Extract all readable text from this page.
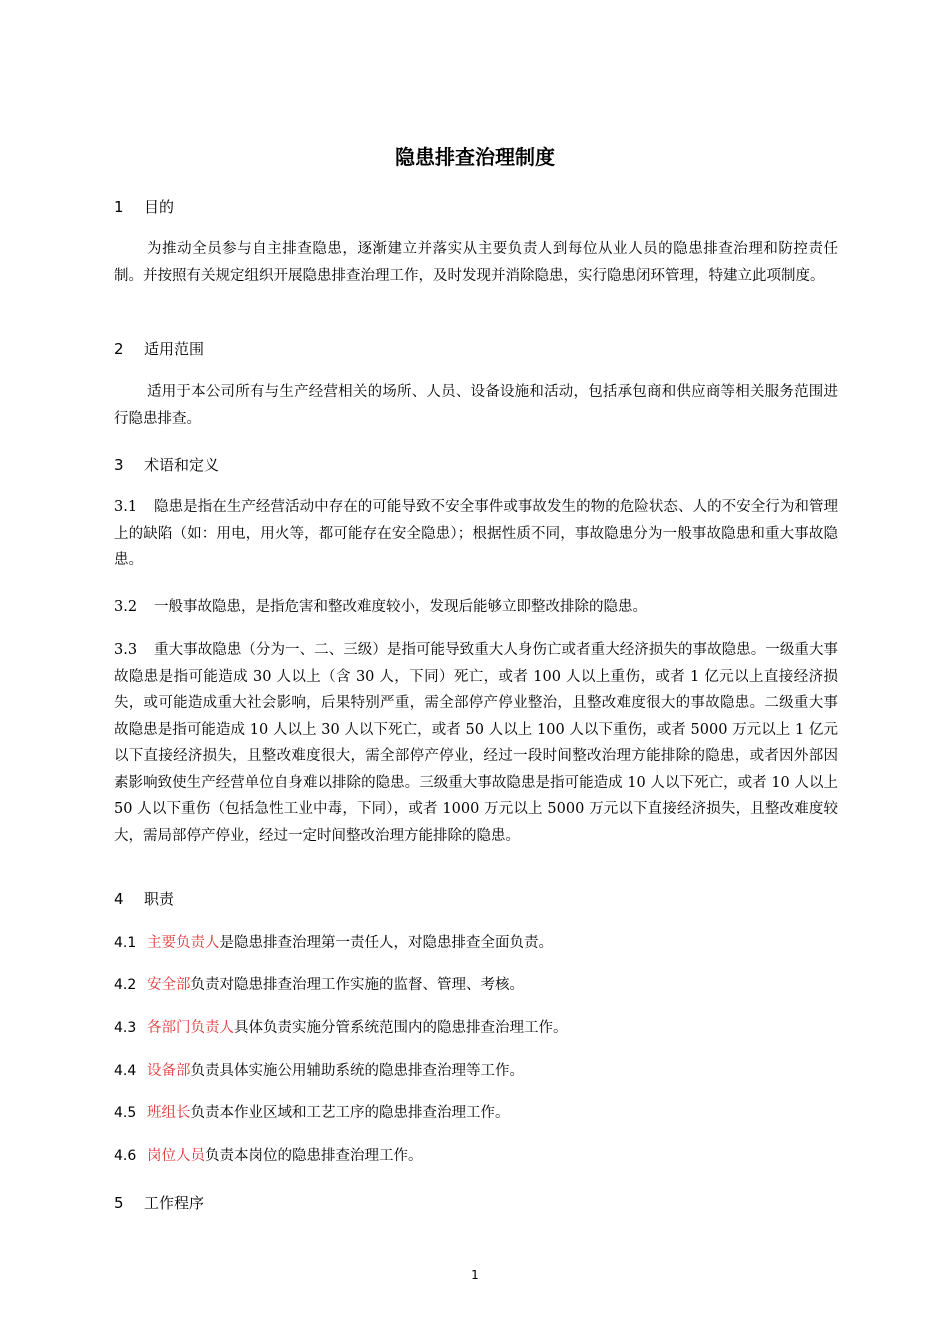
隐患排查治理制度
1 目的
为推动全员参与自主排查隐患，逐渐建立并落实从主要负责人到每位从业人员的隐患排查治理和防控责任制。并按照有关规定组织开展隐患排查治理工作，及时发现并消除隐患，实行隐患闭环管理，特建立此项制度。
2 适用范围
适用于本公司所有与生产经营相关的场所、人员、设备设施和活动，包括承包商和供应商等相关服务范围进行隐患排查。
3 术语和定义
3.1 隐患是指在生产经营活动中存在的可能导致不安全事件或事故发生的物的危险状态、人的不安全行为和管理上的缺陷（如：用电，用火等，都可能存在安全隐患）；根据性质不同，事故隐患分为一般事故隐患和重大事故隐患。
3.2 一般事故隐患，是指危害和整改难度较小，发现后能够立即整改排除的隐患。
3.3 重大事故隐患（分为一、二、三级）是指可能导致重大人身伤亡或者重大经济损失的事故隐患。一级重大事故隐患是指可能造成 30 人以上（含 30 人，下同）死亡，或者 100 人以上重伤，或者 1 亿元以上直接经济损失，或可能造成重大社会影响，后果特别严重，需全部停产停业整治，且整改难度很大的事故隐患。二级重大事故隐患是指可能造成 10 人以上 30 人以下死亡，或者 50 人以上 100 人以下重伤，或者 5000 万元以上 1 亿元以下直接经济损失，且整改难度很大，需全部停产停业，经过一段时间整改治理方能排除的隐患，或者因外部因素影响致使生产经营单位自身难以排除的隐患。三级重大事故隐患是指可能造成 10 人以下死亡，或者 10 人以上 50 人以下重伤（包括急性工业中毒，下同），或者 1000 万元以上 5000 万元以下直接经济损失，且整改难度较大，需局部停产停业，经过一定时间整改治理方能排除的隐患。
4 职责
4.1 主要负责人是隐患排查治理第一责任人，对隐患排查全面负责。
4.2 安全部负责对隐患排查治理工作实施的监督、管理、考核。
4.3 各部门负责人具体负责实施分管系统范围内的隐患排查治理工作。
4.4 设备部负责具体实施公用辅助系统的隐患排查治理等工作。
4.5 班组长负责本作业区域和工艺工序的隐患排查治理工作。
4.6 岗位人员负责本岗位的隐患排查治理工作。
5 工作程序
1
